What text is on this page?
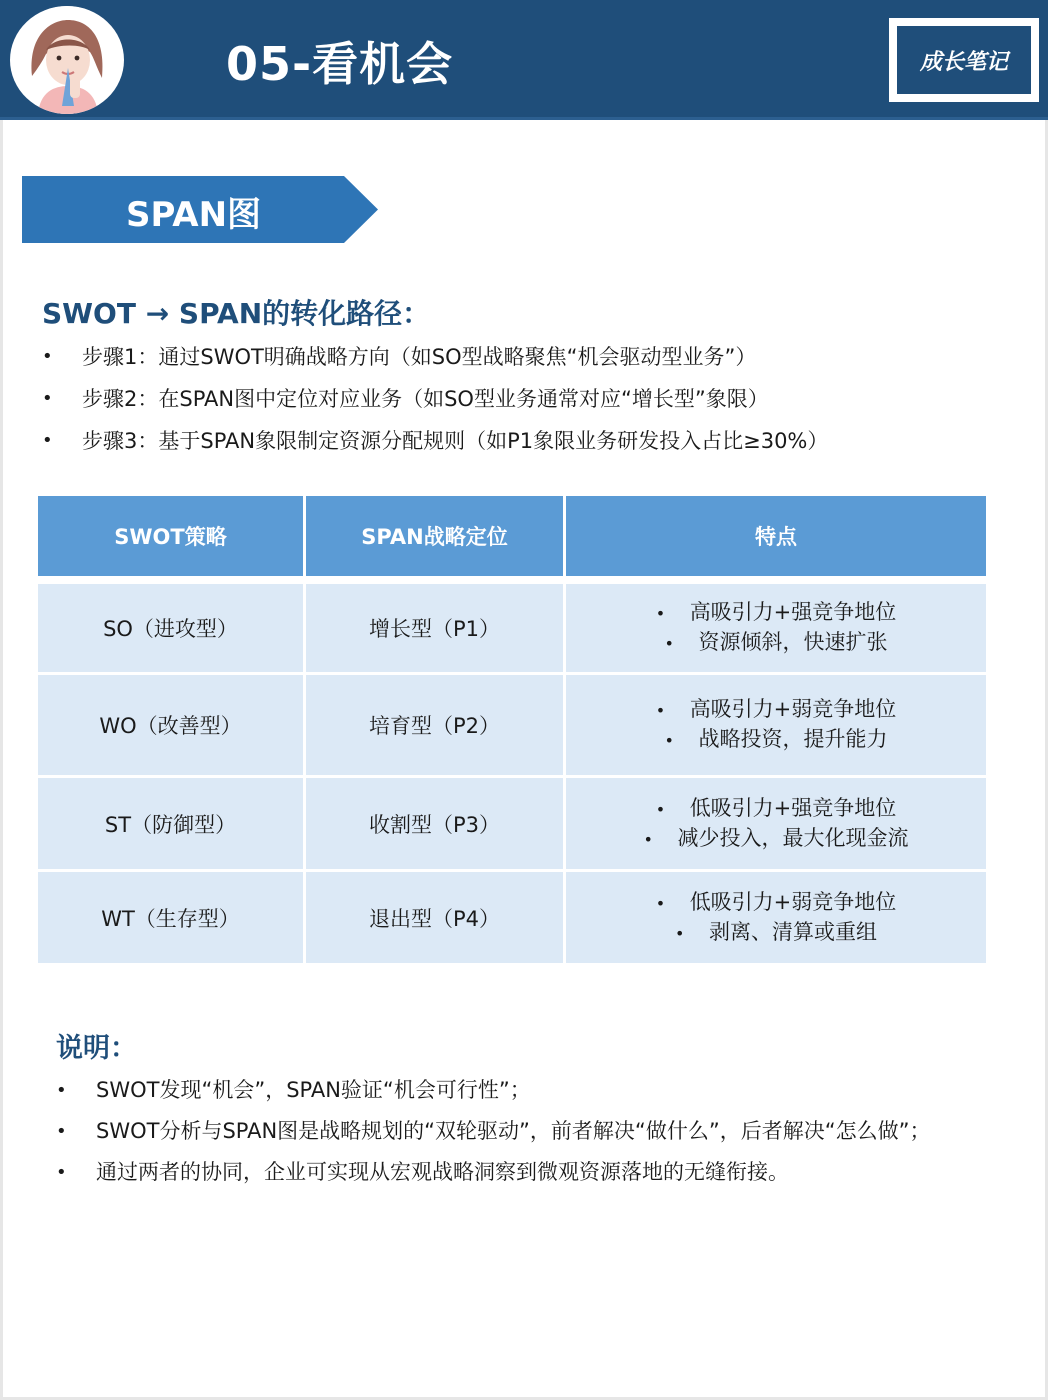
05-看机会	成长笔记
SPAN图
SWOT → SPAN的转化路径：
• 步骤1：通过SWOT明确战略方向（如SO型战略聚焦“机会驱动型业务”）
• 步骤2：在SPAN图中定位对应业务（如SO型业务通常对应“增长型”象限）
• 步骤3：基于SPAN象限制定资源分配规则（如P1象限业务研发投入占比≥30%）
SWOT策略	SPAN战略定位	特点
SO（进攻型）	增长型（P1）	• 高吸引力+强竞争地位
• 资源倾斜，快速扩张

WO（改善型）	培育型（P2）	• 高吸引力+弱竞争地位
• 战略投资，提升能力

ST（防御型）	收割型（P3）	• 低吸引力+强竞争地位
• 减少投入，最大化现金流

WT（生存型）	退出型（P4）	• 低吸引力+弱竞争地位
• 剥离、清算或重组
说明：
• SWOT发现“机会”，SPAN验证“机会可行性”；
• SWOT分析与SPAN图是战略规划的“双轮驱动”，前者解决“做什么”，后者解决“怎么做”；
• 通过两者的协同，企业可实现从宏观战略洞察到微观资源落地的无缝衔接。
